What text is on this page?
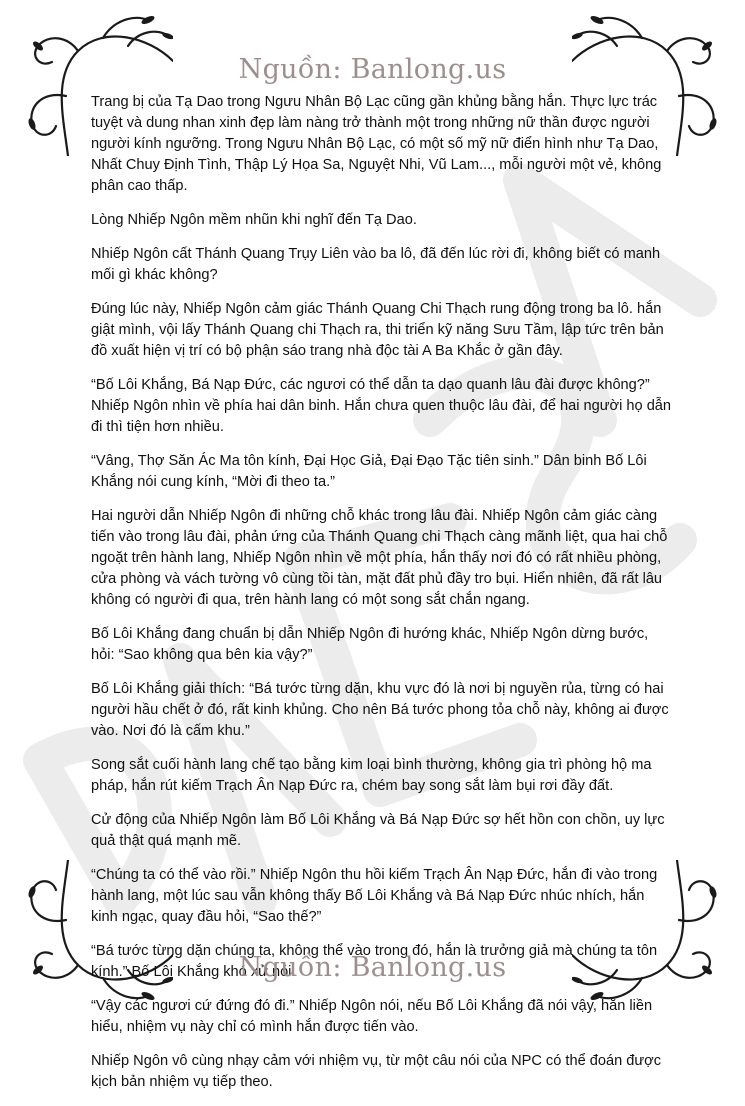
Nguồn: Banlong.us

Trang bị của Tạ Dao trong Ngưu Nhân Bộ Lạc cũng gần khủng bằng hắn. Thực lực trác tuyệt và dung nhan xinh đẹp làm nàng trở thành một trong những nữ thần được người người kính ngưỡng. Trong Ngưu Nhân Bộ Lạc, có một số mỹ nữ điển hình như Tạ Dao, Nhất Chuy Định Tình, Thập Lý Họa Sa, Nguyệt Nhi, Vũ Lam..., mỗi người một vẻ, không phân cao thấp.

Lòng Nhiếp Ngôn mềm nhũn khi nghĩ đến Tạ Dao.

Nhiếp Ngôn cất Thánh Quang Trụy Liên vào ba lô, đã đến lúc rời đi, không biết có manh mối gì khác không?

Đúng lúc này, Nhiếp Ngôn cảm giác Thánh Quang Chi Thạch rung động trong ba lô. hắn giật mình, vội lấy Thánh Quang chi Thạch ra, thi triển kỹ năng Sưu Tầm, lập tức trên bản đồ xuất hiện vị trí có bộ phận sáo trang nhà độc tài A Ba Khắc ở gần đây.

“Bố Lôi Khắng, Bá Nạp Đức, các ngươi có thể dẫn ta dạo quanh lâu đài được không?” Nhiếp Ngôn nhìn về phía hai dân binh. Hắn chưa quen thuộc lâu đài, để hai người họ dẫn đi thì tiện hơn nhiều.

“Vâng, Thợ Săn Ác Ma tôn kính, Đại Học Giả, Đại Đạo Tặc tiên sinh.” Dân binh Bố Lôi Khắng nói cung kính, “Mời đi theo ta.”

Hai người dẫn Nhiếp Ngôn đi những chỗ khác trong lâu đài. Nhiếp Ngôn cảm giác càng tiến vào trong lâu đài, phản ứng của Thánh Quang chi Thạch càng mãnh liệt, qua hai chỗ ngoặt trên hành lang, Nhiếp Ngôn nhìn về một phía, hắn thấy nơi đó có rất nhiều phòng, cửa phòng và vách tường vô cùng tồi tàn, mặt đất phủ đầy tro bụi. Hiển nhiên, đã rất lâu không có người đi qua, trên hành lang có một song sắt chắn ngang.

Bố Lôi Khắng đang chuẩn bị dẫn Nhiếp Ngôn đi hướng khác, Nhiếp Ngôn dừng bước, hỏi: “Sao không qua bên kia vậy?”

Bố Lôi Khắng giải thích: “Bá tước từng dặn, khu vực đó là nơi bị nguyền rủa, từng có hai người hầu chết ở đó, rất kinh khủng. Cho nên Bá tước phong tỏa chỗ này, không ai được vào. Nơi đó là cấm khu.”

Song sắt cuối hành lang chế tạo bằng kim loại bình thường, không gia trì phòng hộ ma pháp, hắn rút kiếm Trạch Ân Nạp Đức ra, chém bay song sắt làm bụi rơi đầy đất.

Cử động của Nhiếp Ngôn làm Bố Lôi Khắng và Bá Nạp Đức sợ hết hồn con chồn, uy lực quả thật quá mạnh mẽ.

“Chúng ta có thể vào rồi.” Nhiếp Ngôn thu hồi kiếm Trạch Ân Nạp Đức, hắn đi vào trong hành lang, một lúc sau vẫn không thấy Bố Lôi Khắng và Bá Nạp Đức nhúc nhích, hắn kinh ngạc, quay đầu hỏi, “Sao thế?”

“Bá tước từng dặn chúng ta, không thể vào trong đó, hắn là trưởng giả mà chúng ta tôn kính.” Bố Lôi Khắng khó xử nói.

“Vậy các ngươi cứ đứng đó đi.” Nhiếp Ngôn nói, nếu Bố Lôi Khắng đã nói vậy, hắn liền hiểu, nhiệm vụ này chỉ có mình hắn được tiến vào.

Nhiếp Ngôn vô cùng nhạy cảm với nhiệm vụ, từ một câu nói của NPC có thể đoán được kịch bản nhiệm vụ tiếp theo.

Nguồn: Banlong.us
